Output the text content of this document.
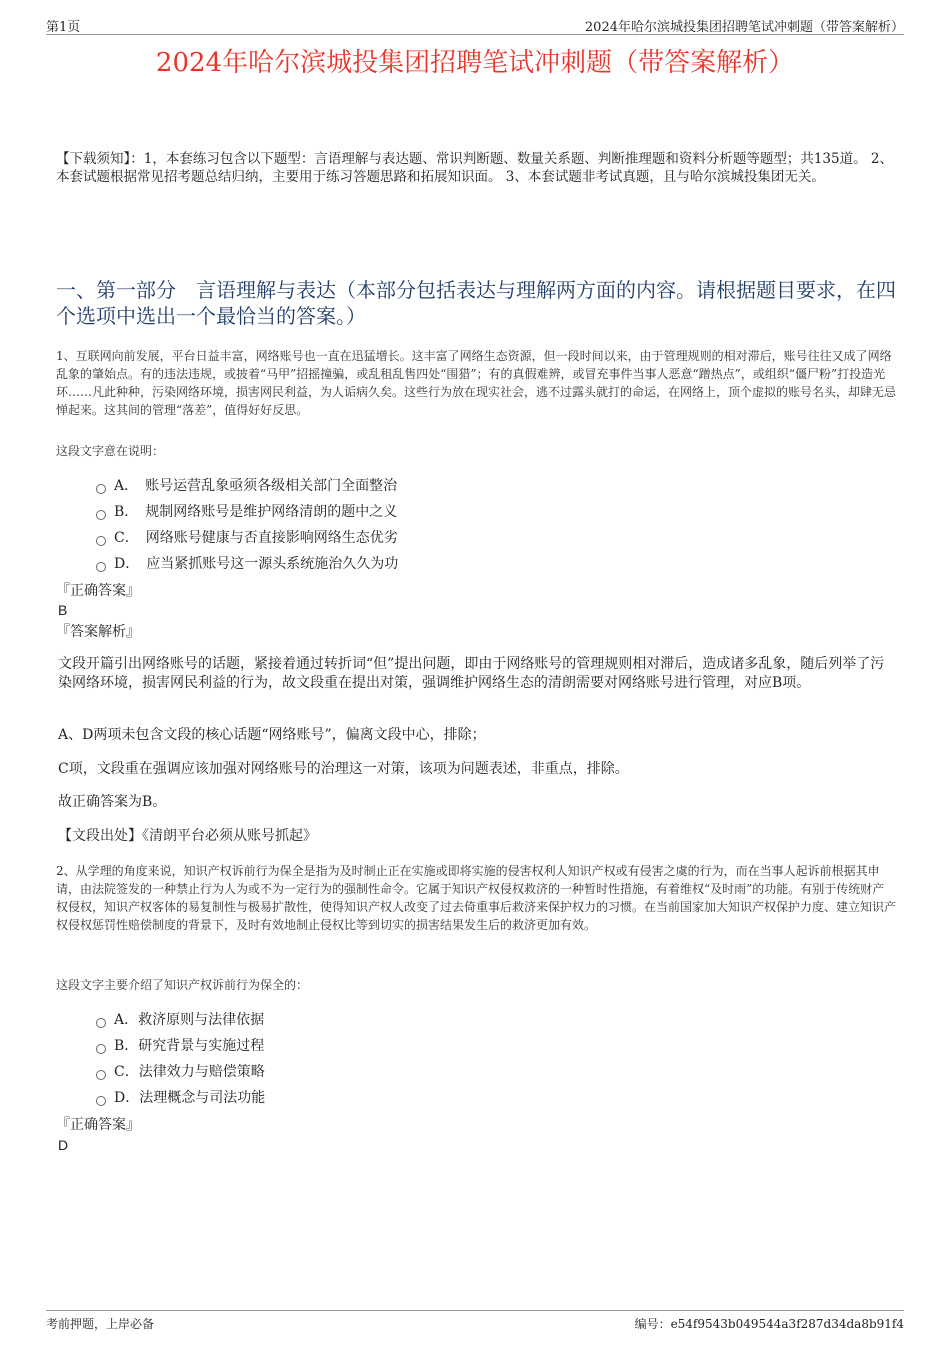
第1页	2024年哈尔滨城投集团招聘笔试冲刺题（带答案解析）
2024年哈尔滨城投集团招聘笔试冲刺题（带答案解析）
【下载须知】：1，本套练习包含以下题型：言语理解与表达题、常识判断题、数量关系题、判断推理题和资料分析题等题型；共135道。 2、本套试题根据常见招考题总结归纳，主要用于练习答题思路和拓展知识面。 3、本套试题非考试真题，且与哈尔滨城投集团无关。
一、第一部分　言语理解与表达（本部分包括表达与理解两方面的内容。请根据题目要求，在四个选项中选出一个最恰当的答案。）
1、互联网向前发展，平台日益丰富，网络账号也一直在迅猛增长。这丰富了网络生态资源，但一段时间以来，由于管理规则的相对滞后，账号往往又成了网络乱象的肇始点。有的违法违规，或披着“马甲”招摇撞骗，或乱租乱售四处“围猎”；有的真假难辨，或冒充事件当事人恶意“蹭热点”，或组织“僵尸粉”打投造光环……凡此种种，污染网络环境，损害网民利益，为人诟病久矣。这些行为放在现实社会，逃不过露头就打的命运，在网络上，顶个虚拟的账号名头，却肆无忌惮起来。这其间的管理“落差”，值得好好反思。
这段文字意在说明：
A．　账号运营乱象亟须各级相关部门全面整治
B．　规制网络账号是维护网络清朗的题中之义
C．　网络账号健康与否直接影响网络生态优劣
D．　应当紧抓账号这一源头系统施治久久为功
『正确答案』
B
『答案解析』
文段开篇引出网络账号的话题，紧接着通过转折词“但”提出问题，即由于网络账号的管理规则相对滞后，造成诸多乱象，随后列举了污染网络环境，损害网民利益的行为，故文段重在提出对策，强调维护网络生态的清朗需要对网络账号进行管理，对应B项。
A、D两项未包含文段的核心话题“网络账号”，偏离文段中心，排除；
C项，文段重在强调应该加强对网络账号的治理这一对策，该项为问题表述，非重点，排除。
故正确答案为B。
【文段出处】《清朗平台必须从账号抓起》
2、从学理的角度来说，知识产权诉前行为保全是指为及时制止正在实施或即将实施的侵害权利人知识产权或有侵害之虞的行为，而在当事人起诉前根据其申请，由法院签发的一种禁止行为人为或不为一定行为的强制性命令。它属于知识产权侵权救济的一种暂时性措施，有着维权“及时雨”的功能。有别于传统财产权侵权，知识产权客体的易复制性与极易扩散性，使得知识产权人改变了过去倚重事后救济来保护权力的习惯。在当前国家加大知识产权保护力度、建立知识产权侵权惩罚性赔偿制度的背景下，及时有效地制止侵权比等到切实的损害结果发生后的救济更加有效。
这段文字主要介绍了知识产权诉前行为保全的：
A．救济原则与法律依据
B．研究背景与实施过程
C．法律效力与赔偿策略
D．法理概念与司法功能
『正确答案』
D
考前押题，上岸必备	编号：e54f9543b049544a3f287d34da8b91f4
